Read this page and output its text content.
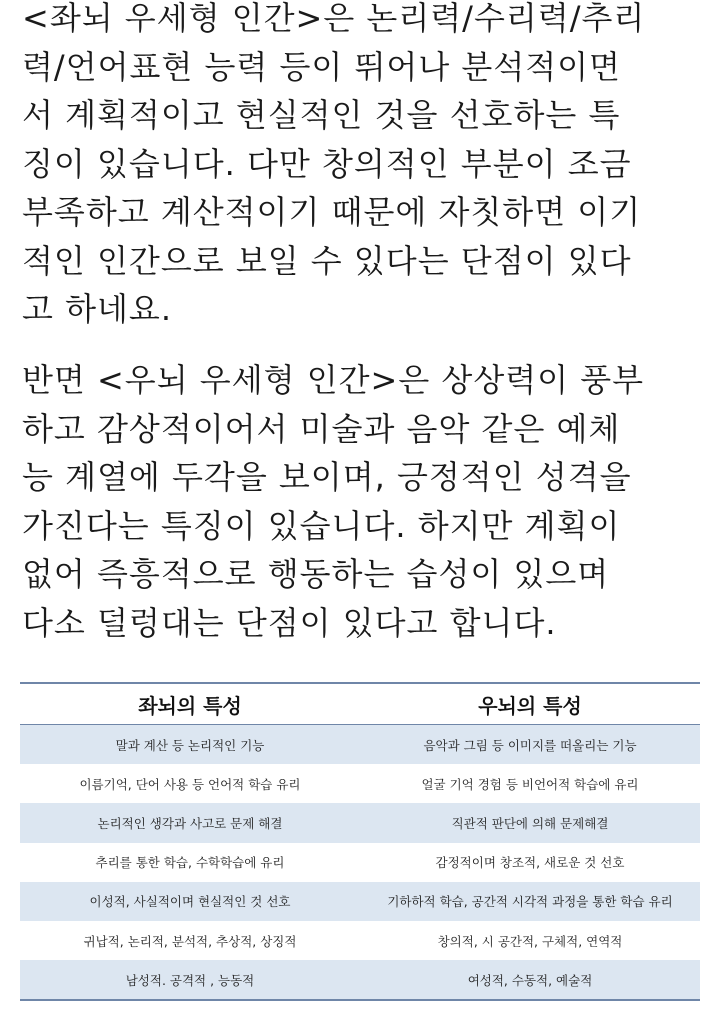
<좌뇌 우세형 인간>은 논리력/수리력/추리
력/언어표현 능력 등이 뛰어나 분석적이면
서 계획적이고 현실적인 것을 선호하는 특
징이 있습니다. 다만 창의적인 부분이 조금
부족하고 계산적이기 때문에 자칫하면 이기
적인 인간으로 보일 수 있다는 단점이 있다
고 하네요.

반면 <우뇌 우세형 인간>은 상상력이 풍부
하고 감상적이어서 미술과 음악 같은 예체
능 계열에 두각을 보이며, 긍정적인 성격을
가진다는 특징이 있습니다. 하지만 계획이
없어 즉흥적으로 행동하는 습성이 있으며
다소 덜렁대는 단점이 있다고 합니다.

좌뇌의 특성	우뇌의 특성
말과 계산 등 논리적인 기능	음악과 그림 등 이미지를 떠올리는 기능
이름기억, 단어 사용 등 언어적 학습 유리	얼굴 기억 경험 등 비언어적 학습에 유리
논리적인 생각과 사고로 문제 해결	직관적 판단에 의해 문제해결
추리를 통한 학습, 수학학습에 유리	감정적이며 창조적, 새로운 것 선호
이성적, 사실적이며 현실적인 것 선호	기하하적 학습, 공간적 시각적 과정을 통한 학습 유리
귀납적, 논리적, 분석적, 추상적, 상징적	창의적, 시 공간적, 구체적, 연역적
남성적. 공격적 , 능동적	여성적, 수동적, 예술적
